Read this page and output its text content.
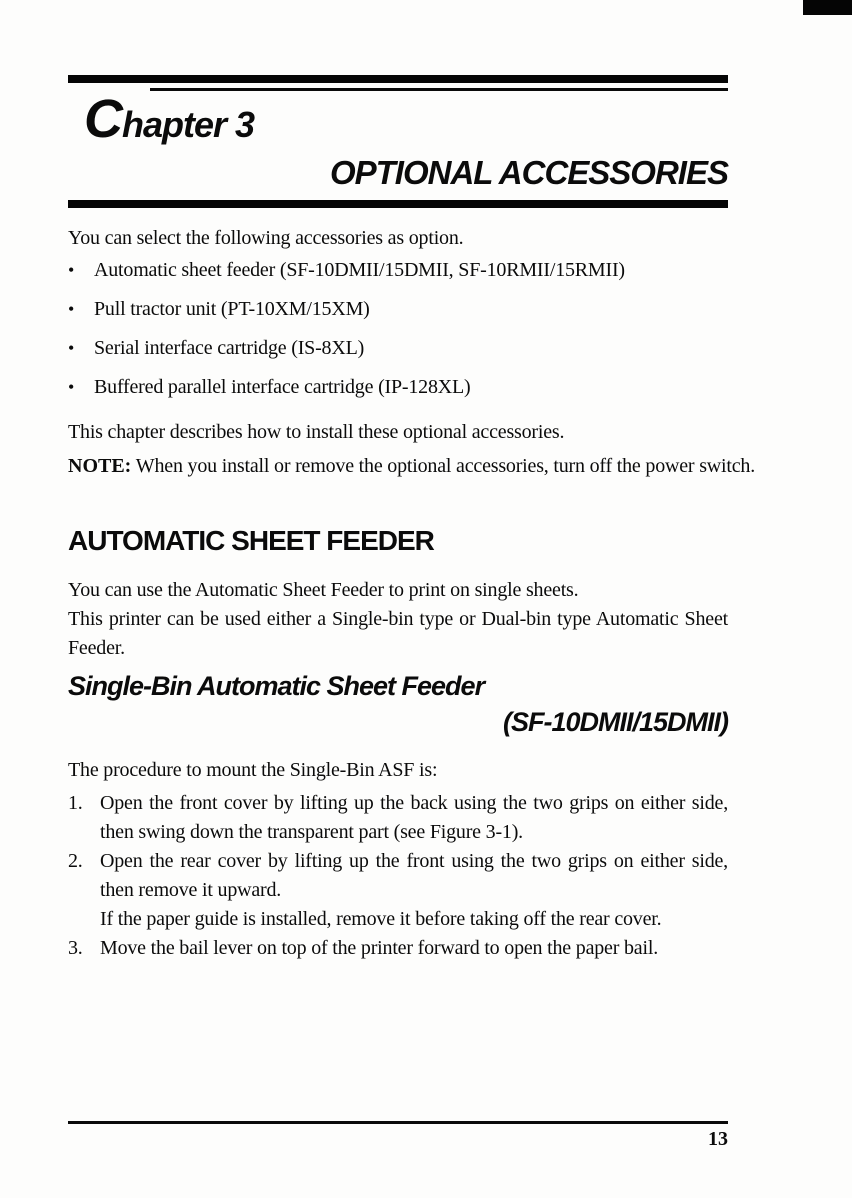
Chapter 3
OPTIONAL ACCESSORIES
You can select the following accessories as option.
• Automatic sheet feeder (SF-10DMII/15DMII, SF-10RMII/15RMII)
• Pull tractor unit (PT-10XM/15XM)
• Serial interface cartridge (IS-8XL)
• Buffered parallel interface cartridge (IP-128XL)
This chapter describes how to install these optional accessories.
NOTE: When you install or remove the optional accessories, turn off the power switch.
AUTOMATIC SHEET FEEDER
You can use the Automatic Sheet Feeder to print on single sheets.
This printer can be used either a Single-bin type or Dual-bin type Automatic Sheet Feeder.
Single-Bin Automatic Sheet Feeder
(SF-10DMII/15DMII)
The procedure to mount the Single-Bin ASF is:
1. Open the front cover by lifting up the back using the two grips on either side, then swing down the transparent part (see Figure 3-1).
2. Open the rear cover by lifting up the front using the two grips on either side, then remove it upward.
If the paper guide is installed, remove it before taking off the rear cover.
3. Move the bail lever on top of the printer forward to open the paper bail.
13
